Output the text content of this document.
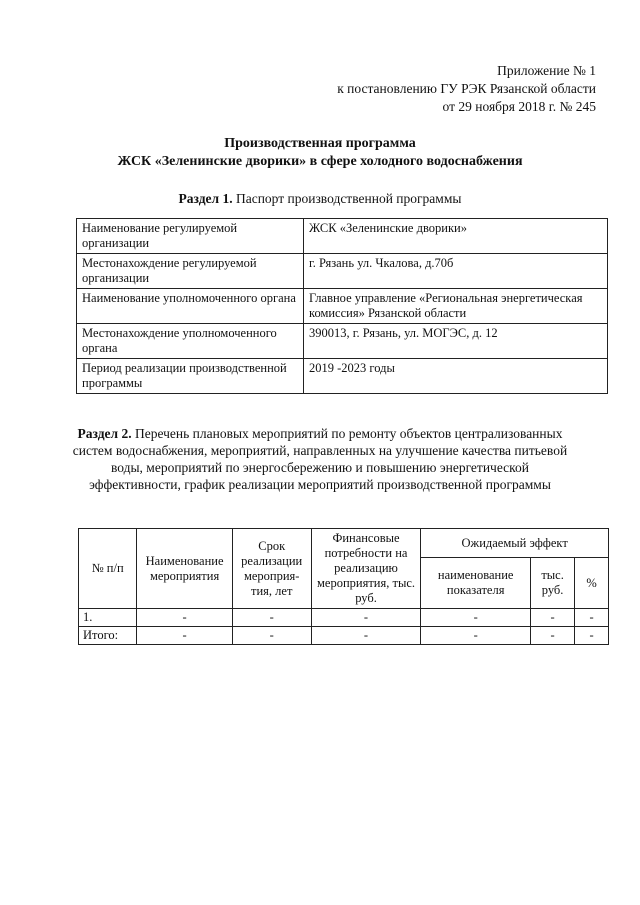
Приложение № 1
к постановлению ГУ РЭК Рязанской области
от 29 ноября 2018 г. № 245
Производственная программа
ЖСК «Зеленинские дворики» в сфере холодного водоснабжения
Раздел 1. Паспорт производственной программы
Наименование регулируемой организации	ЖСК «Зеленинские дворики»
Местонахождение регулируемой организации	г. Рязань ул. Чкалова, д.70б
Наименование уполномоченного органа	Главное управление «Региональная энергетическая комиссия» Рязанской области
Местонахождение уполномоченного органа	390013, г. Рязань, ул. МОГЭС, д. 12
Период реализации производственной программы	2019 -2023 годы
Раздел 2. Перечень плановых мероприятий по ремонту объектов централизованных систем водоснабжения, мероприятий, направленных на улучшение качества питьевой воды, мероприятий по энергосбережению и повышению энергетической эффективности, график реализации мероприятий производственной программы
№ п/п	Наименование мероприятия	Срок реализации мероприя-тия, лет	Финансовые потребности на реализацию мероприятия, тыс. руб.	Ожидаемый эффект		
				наименование показателя	тыс. руб.	%
1.	-	-	-	-	-	-
Итого:	-	-	-	-	-	-
